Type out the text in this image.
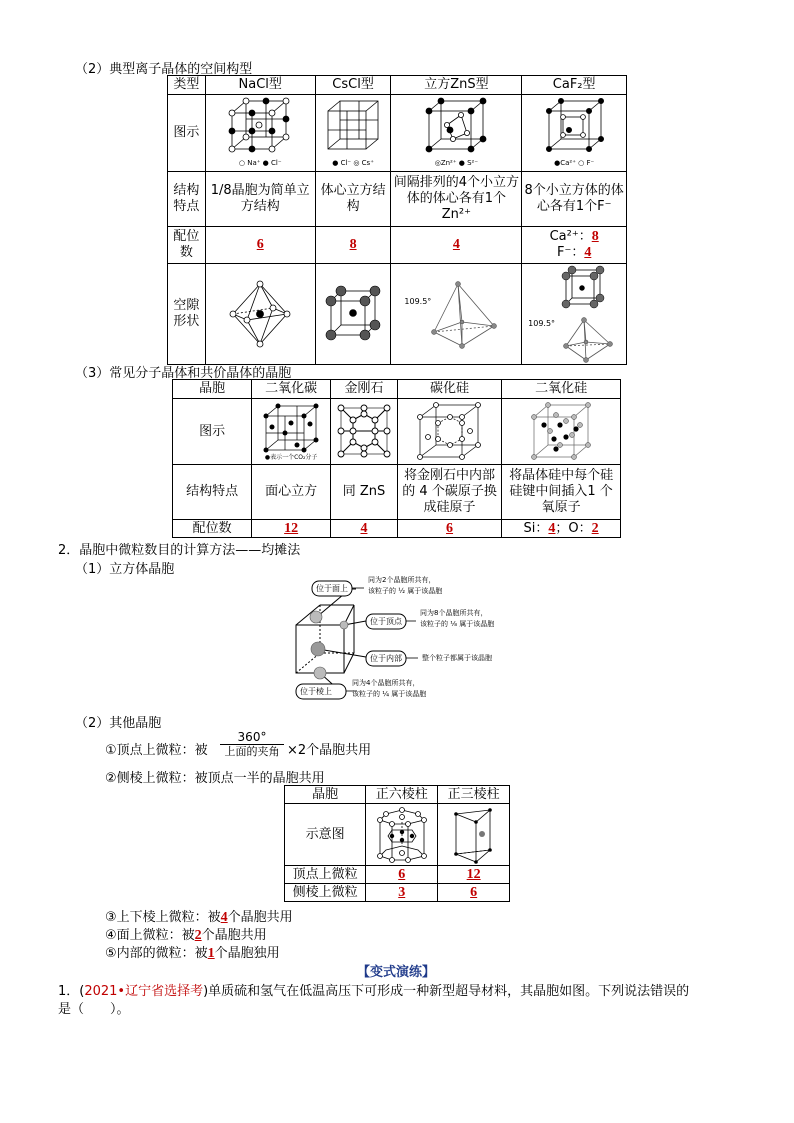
（2）典型离子晶体的空间构型
类型	NaCl型	CsCl型	立方ZnS型	CaF₂型
图示	○ Na⁺ ● Cl⁻	● Cl⁻ ◎ Cs⁺	◎Zn²⁺ ● S²⁻	●Ca²⁺ ○ F⁻

结构特点	1/8晶胞为简单立方结构	体心立方结构	间隔排列的4个小立方体的体心各有1个Zn²⁺	8个小立方体的体心各有1个F⁻
配位数	6	8	4	Ca²⁺：8
F⁻：4

空隙形状			109.5°	109.5°
（3）常见分子晶体和共价晶体的晶胞
晶胞	二氧化碳	金刚石	碳化硅	二氧化硅
图示	●表示一个CO₂分子

结构特点	面心立方	同 ZnS	将金刚石中内部的 4 个碳原子换成硅原子	将晶体硅中每个硅硅键中间插入1 个氧原子
配位数	12	4	6	Si：4；O：2
2．晶胞中微粒数目的计算方法——均摊法
（1）立方体晶胞
位于面上
同为2个晶胞所共有，
该粒子的 ½ 属于该晶胞
位于顶点
同为8个晶胞所共有，
该粒子的 ⅛ 属于该晶胞
位于内部	整个粒子都属于该晶胞
位于棱上
同为4个晶胞所共有，
该粒子的 ¼ 属于该晶胞
（2）其他晶胞
①顶点上微粒：被
360°
上面的夹角 ×2个晶胞共用
②侧棱上微粒：被顶点一半的晶胞共用
晶胞	正六棱柱	正三棱柱
示意图	

顶点上微粒	6	12
侧棱上微粒	3	6
③上下棱上微粒：被4个晶胞共用
④面上微粒：被2个晶胞共用
⑤内部的微粒：被1个晶胞独用
【变式演练】
1．(2021•辽宁省选择考)单质硫和氢气在低温高压下可形成一种新型超导材料，其晶胞如图。下列说法错误的
是（　　）。
